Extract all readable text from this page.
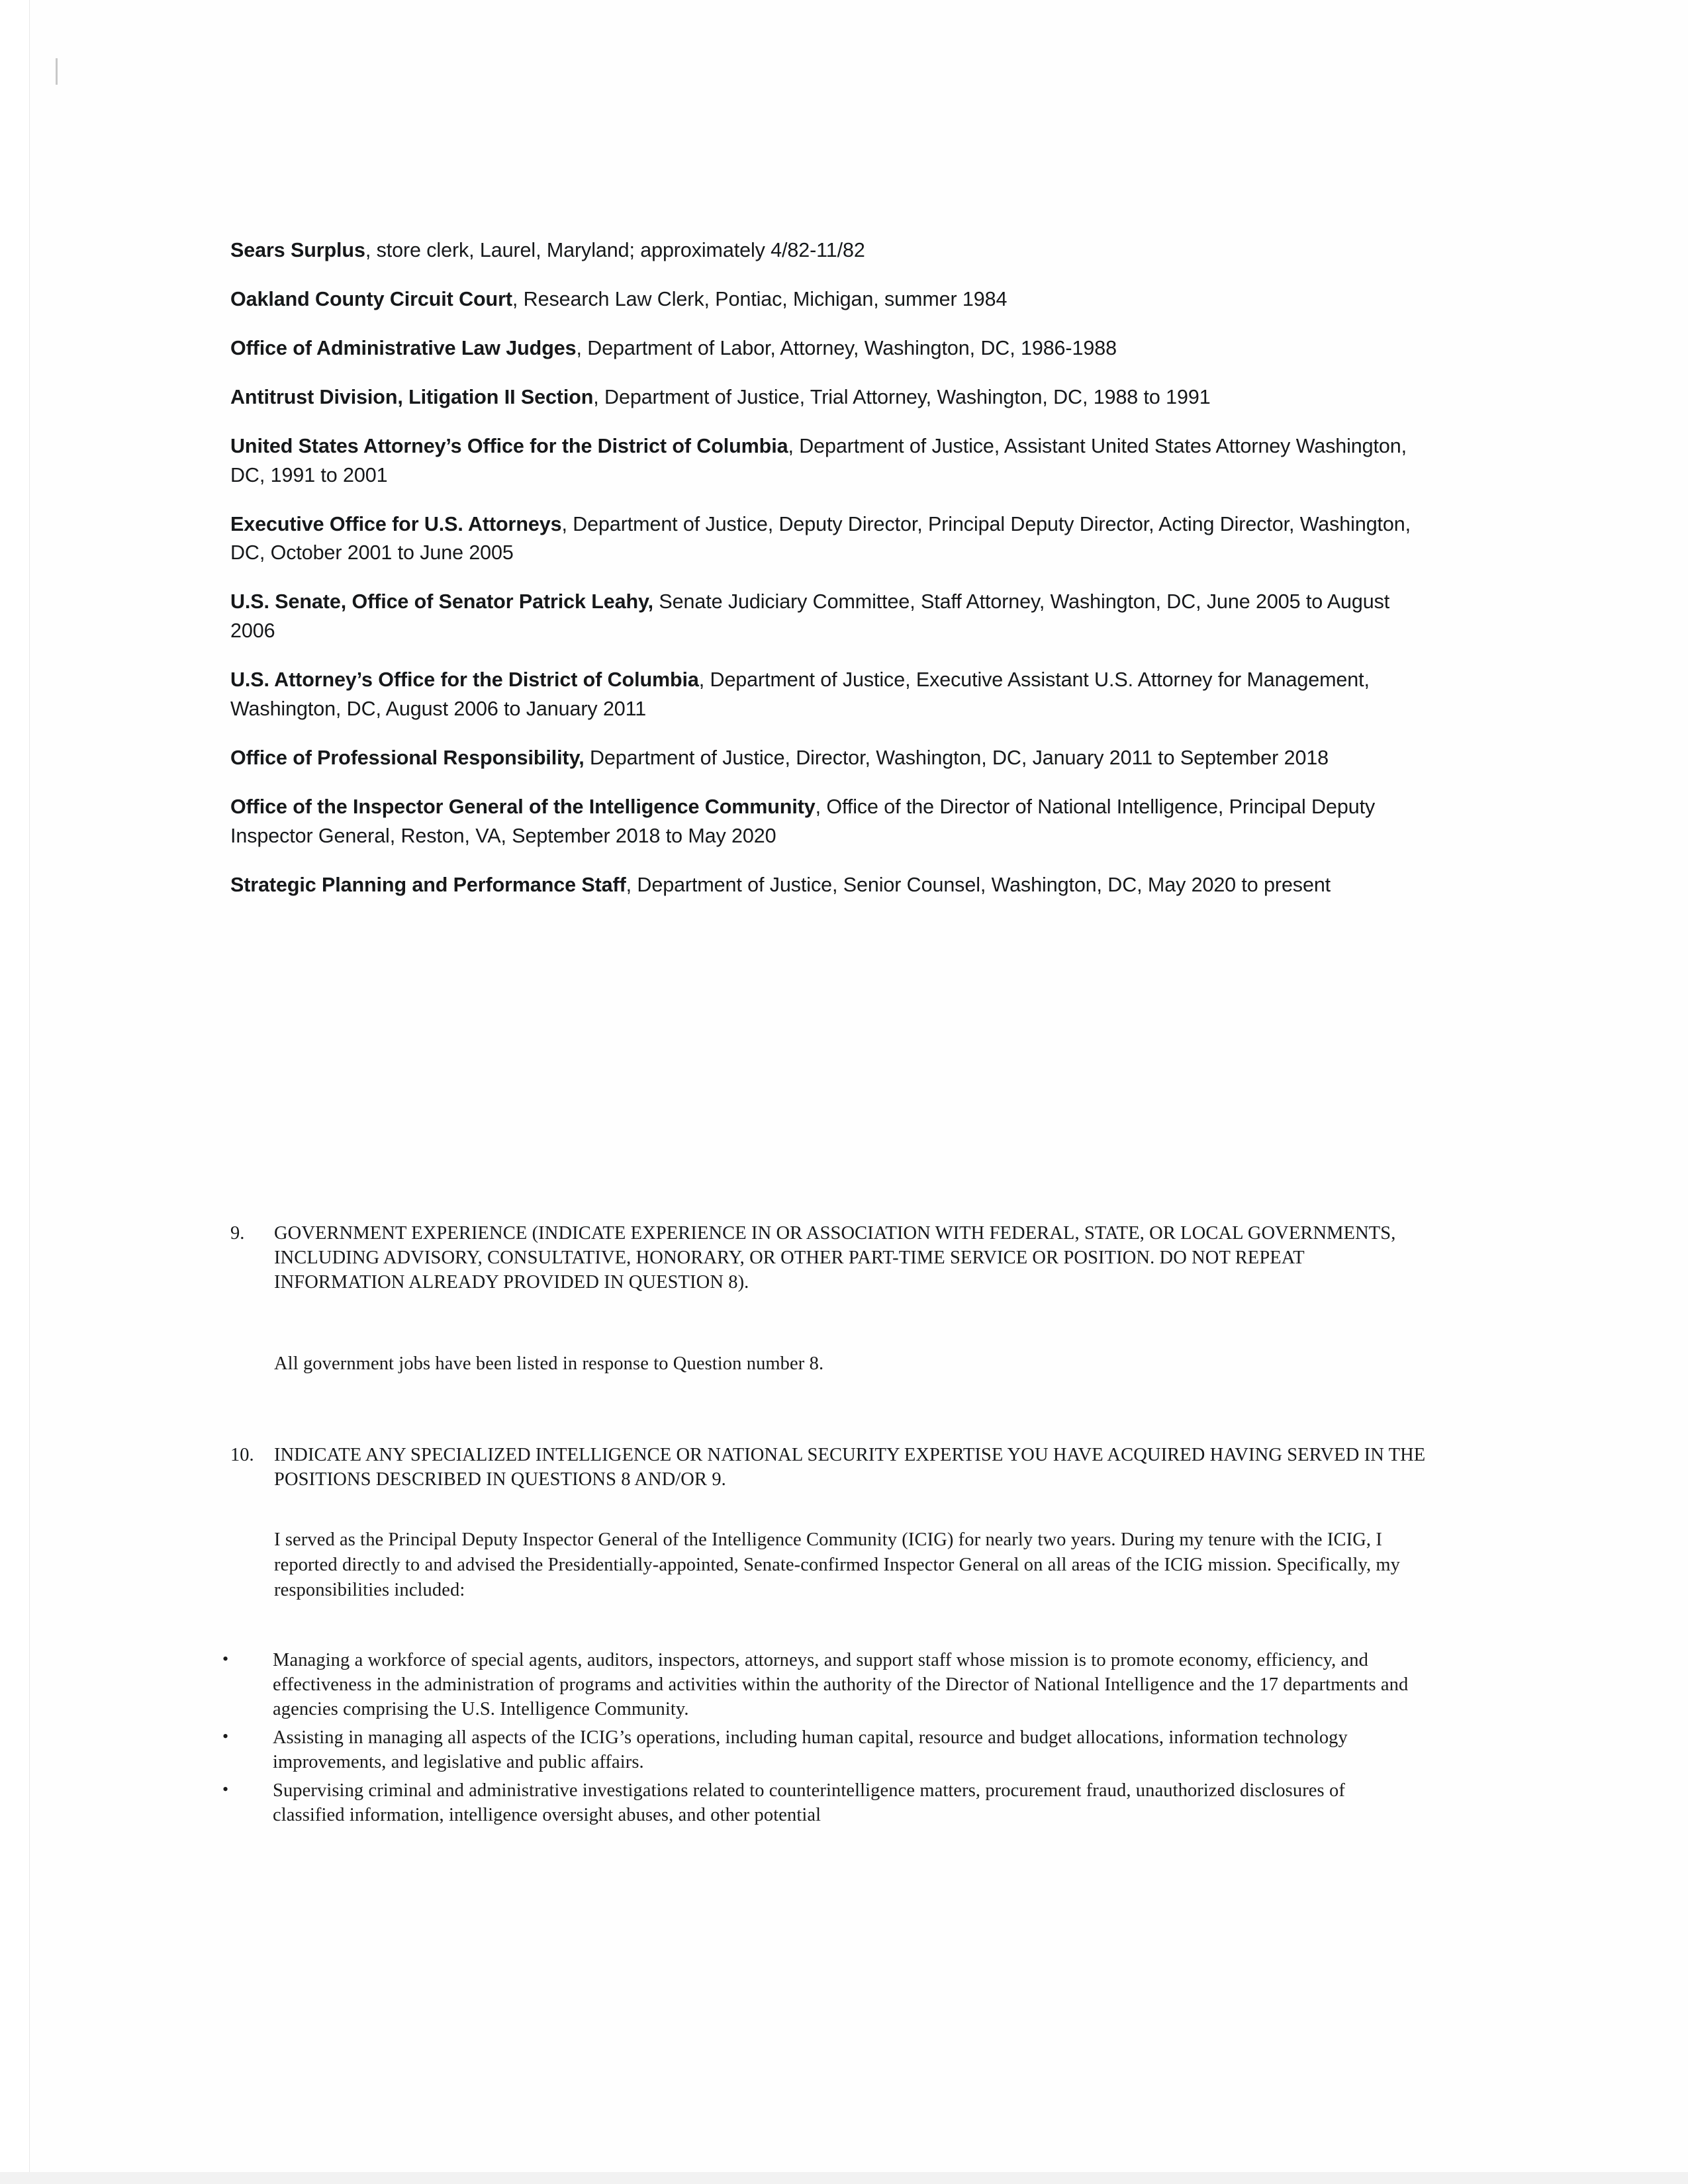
Sears Surplus, store clerk, Laurel, Maryland; approximately 4/82-11/82

Oakland County Circuit Court, Research Law Clerk, Pontiac, Michigan, summer 1984

Office of Administrative Law Judges, Department of Labor, Attorney, Washington, DC, 1986-1988

Antitrust Division, Litigation II Section, Department of Justice, Trial Attorney, Washington, DC, 1988 to 1991

United States Attorney’s Office for the District of Columbia, Department of Justice, Assistant United States Attorney Washington, DC, 1991 to 2001

Executive Office for U.S. Attorneys, Department of Justice, Deputy Director, Principal Deputy Director, Acting Director, Washington, DC, October 2001 to June 2005

U.S. Senate, Office of Senator Patrick Leahy, Senate Judiciary Committee, Staff Attorney, Washington, DC, June 2005 to August 2006

U.S. Attorney’s Office for the District of Columbia, Department of Justice, Executive Assistant U.S. Attorney for Management, Washington, DC, August 2006 to January 2011

Office of Professional Responsibility, Department of Justice, Director, Washington, DC, January 2011 to September 2018

Office of the Inspector General of the Intelligence Community, Office of the Director of National Intelligence, Principal Deputy Inspector General, Reston, VA, September 2018 to May 2020

Strategic Planning and Performance Staff, Department of Justice, Senior Counsel, Washington, DC, May 2020 to present

9.	GOVERNMENT EXPERIENCE (INDICATE EXPERIENCE IN OR ASSOCIATION WITH FEDERAL, STATE, OR LOCAL GOVERNMENTS, INCLUDING ADVISORY, CONSULTATIVE, HONORARY, OR OTHER PART-TIME SERVICE OR POSITION. DO NOT REPEAT INFORMATION ALREADY PROVIDED IN QUESTION 8).
All government jobs have been listed in response to Question number 8.
10.	INDICATE ANY SPECIALIZED INTELLIGENCE OR NATIONAL SECURITY EXPERTISE YOU HAVE ACQUIRED HAVING SERVED IN THE POSITIONS DESCRIBED IN QUESTIONS 8 AND/OR 9.
I served as the Principal Deputy Inspector General of the Intelligence Community (ICIG) for nearly two years. During my tenure with the ICIG, I reported directly to and advised the Presidentially-appointed, Senate-confirmed Inspector General on all areas of the ICIG mission. Specifically, my responsibilities included:
•	Managing a workforce of special agents, auditors, inspectors, attorneys, and support staff whose mission is to promote economy, efficiency, and effectiveness in the administration of programs and activities within the authority of the Director of National Intelligence and the 17 departments and agencies comprising the U.S. Intelligence Community.
•	Assisting in managing all aspects of the ICIG’s operations, including human capital, resource and budget allocations, information technology improvements, and legislative and public affairs.
•	Supervising criminal and administrative investigations related to counterintelligence matters, procurement fraud, unauthorized disclosures of classified information, intelligence oversight abuses, and other potential
